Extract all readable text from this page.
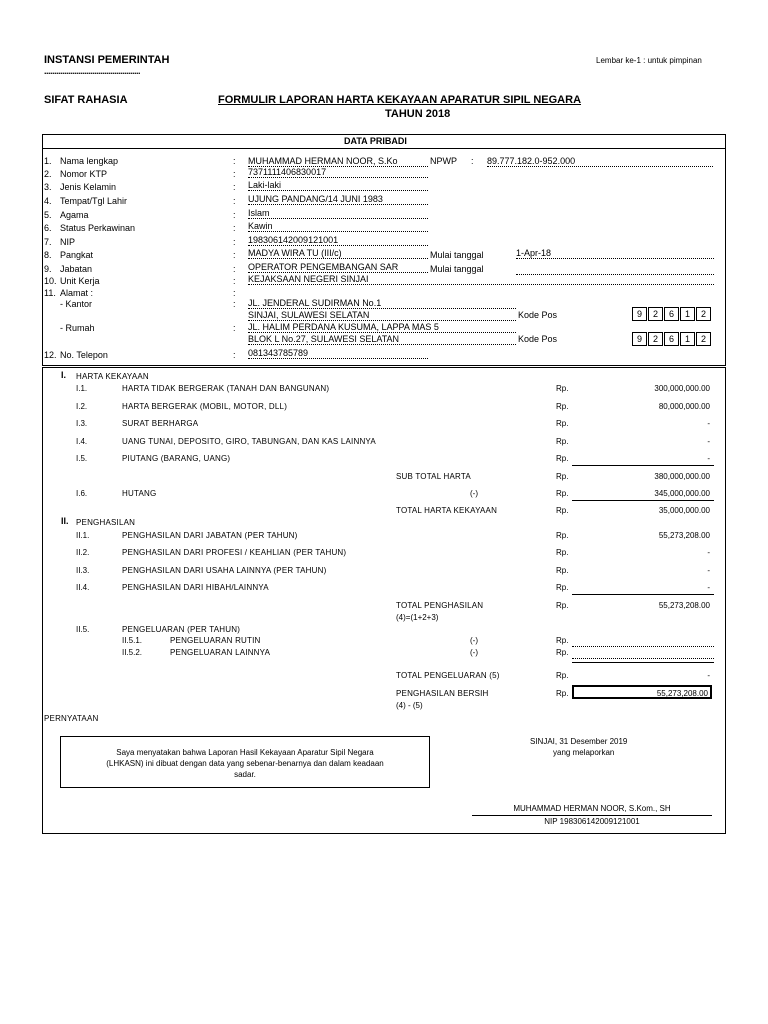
INSTANSI PEMERINTAH
................................................
Lembar ke-1 : untuk pimpinan
SIFAT RAHASIA	FORMULIR LAPORAN HARTA KEKAYAAN APARATUR SIPIL NEGARA
TAHUN 2018
DATA PRIBADI
1. Nama lengkap	: MUHAMMAD HERMAN NOOR, S.Ko	NPWP : 89.777.182.0-952.000
2. Nomor KTP	: 7371111406830017
3. Jenis Kelamin	: Laki-laki
4. Tempat/Tgl Lahir	: UJUNG PANDANG/14 JUNI 1983
5. Agama	: Islam
6. Status Perkawinan	: Kawin
7. NIP	: 198306142009121001
8. Pangkat	: MADYA WIRA TU (III/c)	Mulai tanggal	1-Apr-18
9. Jabatan	: OPERATOR PENGEMBANGAN SAR	Mulai tanggal
10. Unit Kerja	: KEJAKSAAN NEGERI SINJAI
11. Alamat :	:
- Kantor	: JL. JENDERAL SUDIRMAN No.1
SINJAI, SULAWESI SELATAN	Kode Pos	9	2	6	1	2
- Rumah	: JL. HALIM PERDANA KUSUMA, LAPPA MAS 5
BLOK L No.27, SULAWESI SELATAN	Kode Pos	9	2	6	1	2
12. No. Telepon	: 081343785789
I. HARTA KEKAYAAN
I.1.	HARTA TIDAK BERGERAK (TANAH DAN BANGUNAN)	Rp.	300,000,000.00
I.2.	HARTA BERGERAK (MOBIL, MOTOR, DLL)	Rp.	80,000,000.00
I.3.	SURAT BERHARGA	Rp.	-
I.4.	UANG TUNAI, DEPOSITO, GIRO, TABUNGAN, DAN KAS LAINNYA	Rp.	-
I.5.	PIUTANG (BARANG, UANG)	Rp.	-
SUB TOTAL HARTA	Rp.	380,000,000.00
I.6.	HUTANG	(-)	Rp.	345,000,000.00
TOTAL HARTA KEKAYAAN	Rp.	35,000,000.00
II. PENGHASILAN
II.1.	PENGHASILAN DARI JABATAN (PER TAHUN)	Rp.	55,273,208.00
II.2.	PENGHASILAN DARI PROFESI / KEAHLIAN (PER TAHUN)	Rp.	-
II.3.	PENGHASILAN DARI USAHA LAINNYA (PER TAHUN)	Rp.	-
II.4.	PENGHASILAN DARI HIBAH/LAINNYA	Rp.	-
TOTAL PENGHASILAN
(4)=(1+2+3)
Rp.	55,273,208.00
II.5.	PENGELUARAN (PER TAHUN)
II.5.1.	PENGELUARAN RUTIN	(-)	Rp.
II.5.2.	PENGELUARAN LAINNYA	(-)	Rp.
TOTAL PENGELUARAN (5)	Rp.	-
PENGHASILAN BERSIH
(4) - (5)
Rp.	55,273,208.00
PERNYATAAN
Saya menyatakan bahwa Laporan Hasil Kekayaan Aparatur Sipil Negara
(LHKASN) ini dibuat dengan data yang sebenar-benarnya dan dalam keadaan
sadar.
SINJAI, 31 Desember 2019
yang melaporkan
MUHAMMAD HERMAN NOOR, S.Kom., SH
NIP 198306142009121001
